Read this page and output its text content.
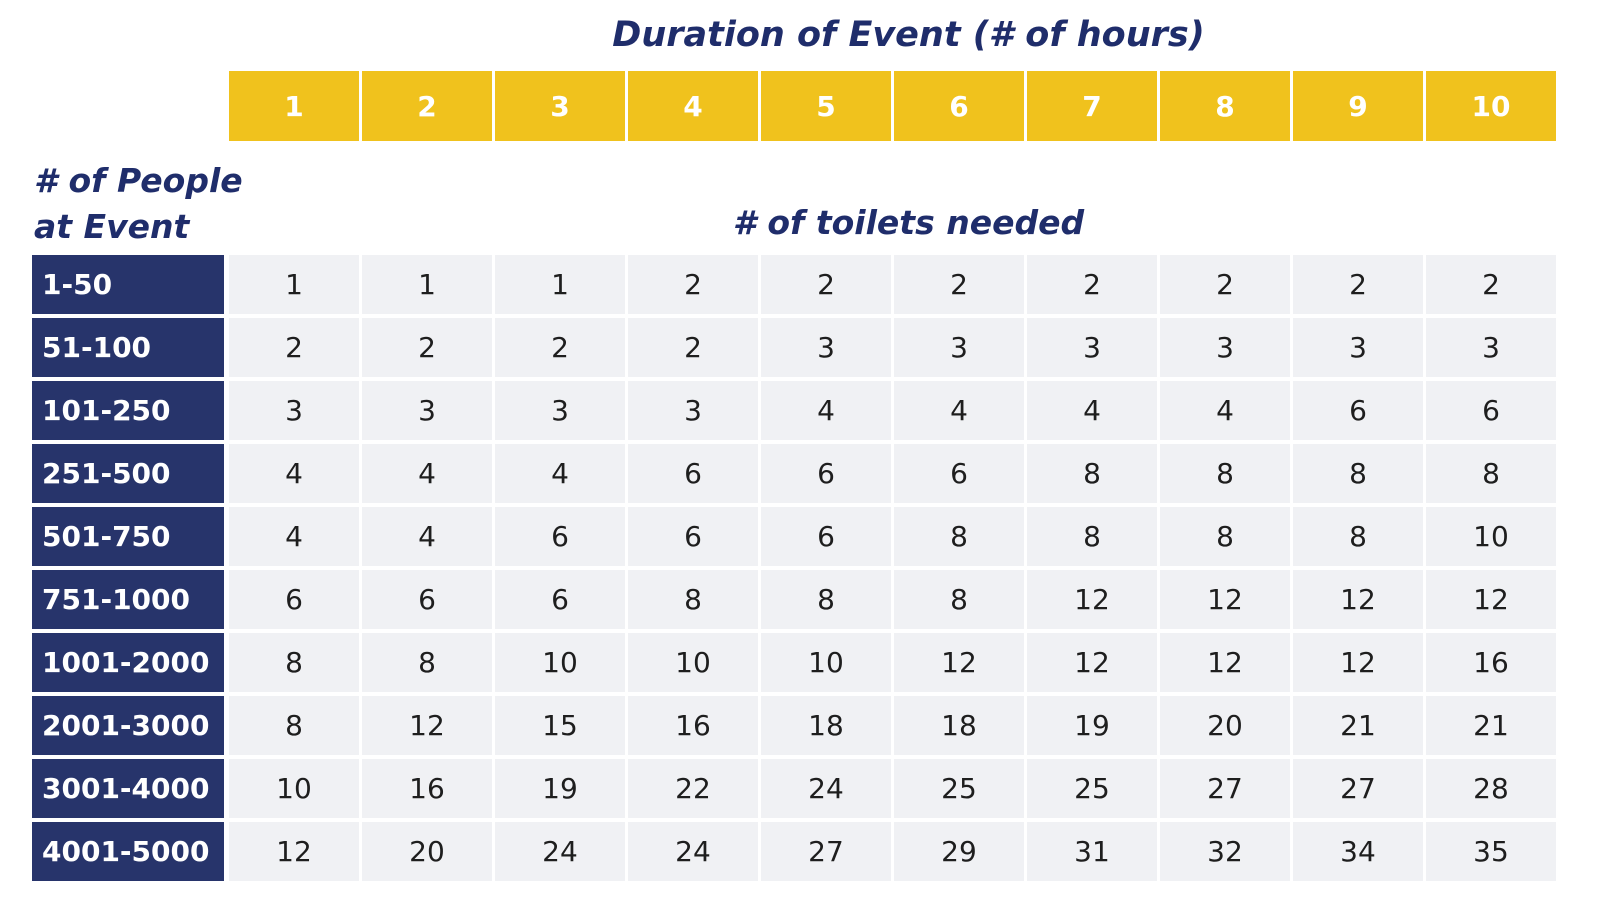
Duration of Event (# of hours)
# of People
at Event	# of toilets needed
1	2	3	4	5	6	7	8	9	10
1-50	1	1	1	2	2	2	2	2	2	2
51-100	2	2	2	2	3	3	3	3	3	3
101-250	3	3	3	3	4	4	4	4	6	6
251-500	4	4	4	6	6	6	8	8	8	8
501-750	4	4	6	6	6	8	8	8	8	10
751-1000	6	6	6	8	8	8	12	12	12	12
1001-2000	8	8	10	10	10	12	12	12	12	16
2001-3000	8	12	15	16	18	18	19	20	21	21
3001-4000	10	16	19	22	24	25	25	27	27	28
4001-5000	12	20	24	24	27	29	31	32	34	35
